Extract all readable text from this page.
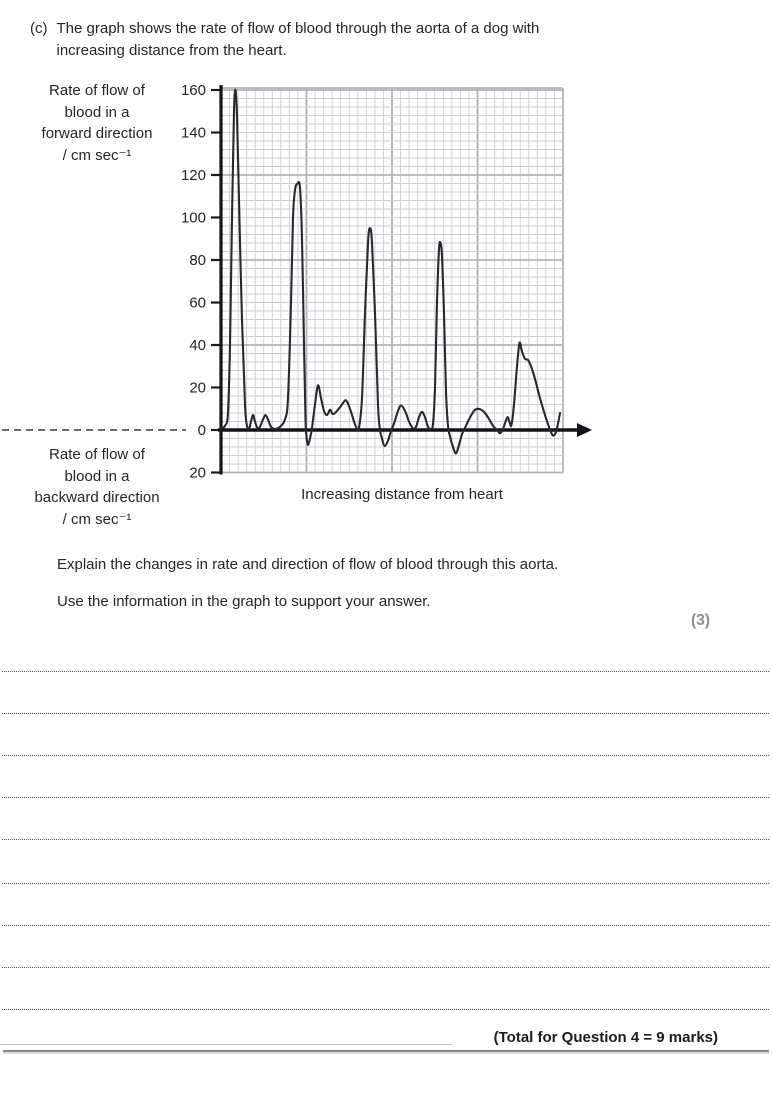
(c) The graph shows the rate of flow of blood through the aorta of a dog with
increasing distance from the heart.
Rate of flow of
blood in a
forward direction
/ cm sec⁻¹
160
140
120
100
80
60
40
20
0
20
Rate of flow of
blood in a
backward direction
/ cm sec⁻¹
Increasing distance from heart
Explain the changes in rate and direction of flow of blood through this aorta.
Use the information in the graph to support your answer.
(3)
(Total for Question 4 = 9 marks)
